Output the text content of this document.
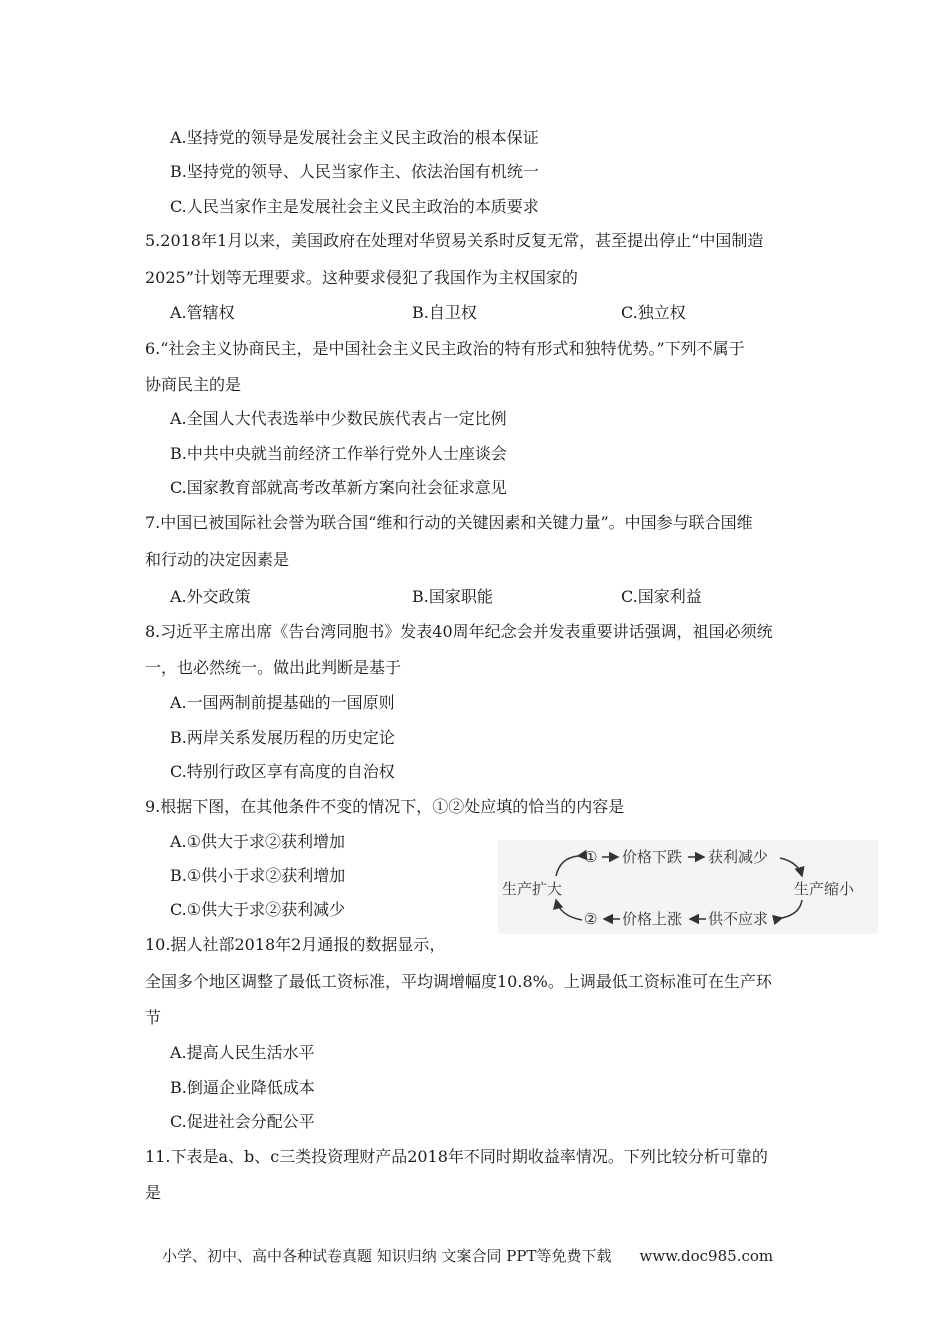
A.坚持党的领导是发展社会主义民主政治的根本保证
B.坚持党的领导、人民当家作主、依法治国有机统一
C.人民当家作主是发展社会主义民主政治的本质要求
5.2018年1月以来，美国政府在处理对华贸易关系时反复无常，甚至提出停止“中国制造
2025”计划等无理要求。这种要求侵犯了我国作为主权国家的
A.管辖权	B.自卫权	C.独立权
6.“社会主义协商民主，是中国社会主义民主政治的特有形式和独特优势。”下列不属于
协商民主的是
A.全国人大代表选举中少数民族代表占一定比例
B.中共中央就当前经济工作举行党外人士座谈会
C.国家教育部就高考改革新方案向社会征求意见
7.中国已被国际社会誉为联合国“维和行动的关键因素和关键力量”。中国参与联合国维
和行动的决定因素是
A.外交政策	B.国家职能	C.国家利益
8.习近平主席出席《告台湾同胞书》发表40周年纪念会并发表重要讲话强调，祖国必须统
一，也必然统一。做出此判断是基于
A.一国两制前提基础的一国原则
B.两岸关系发展历程的历史定论
C.特别行政区享有高度的自治权
9.根据下图，在其他条件不变的情况下，①②处应填的恰当的内容是
A.①供大于求②获利增加
B.①供小于求②获利增加
C.①供大于求②获利减少
生产扩大	生产缩小
① 价格下跌 获利减少
② 价格上涨 供不应求
10.据人社部2018年2月通报的数据显示，
全国多个地区调整了最低工资标准，平均调增幅度10.8%。上调最低工资标准可在生产环
节
A.提高人民生活水平
B.倒逼企业降低成本
C.促进社会分配公平
11.下表是a、b、c三类投资理财产品2018年不同时期收益率情况。下列比较分析可靠的
是
小学、初中、高中各种试卷真题 知识归纳 文案合同 PPT等免费下载 www.doc985.com
